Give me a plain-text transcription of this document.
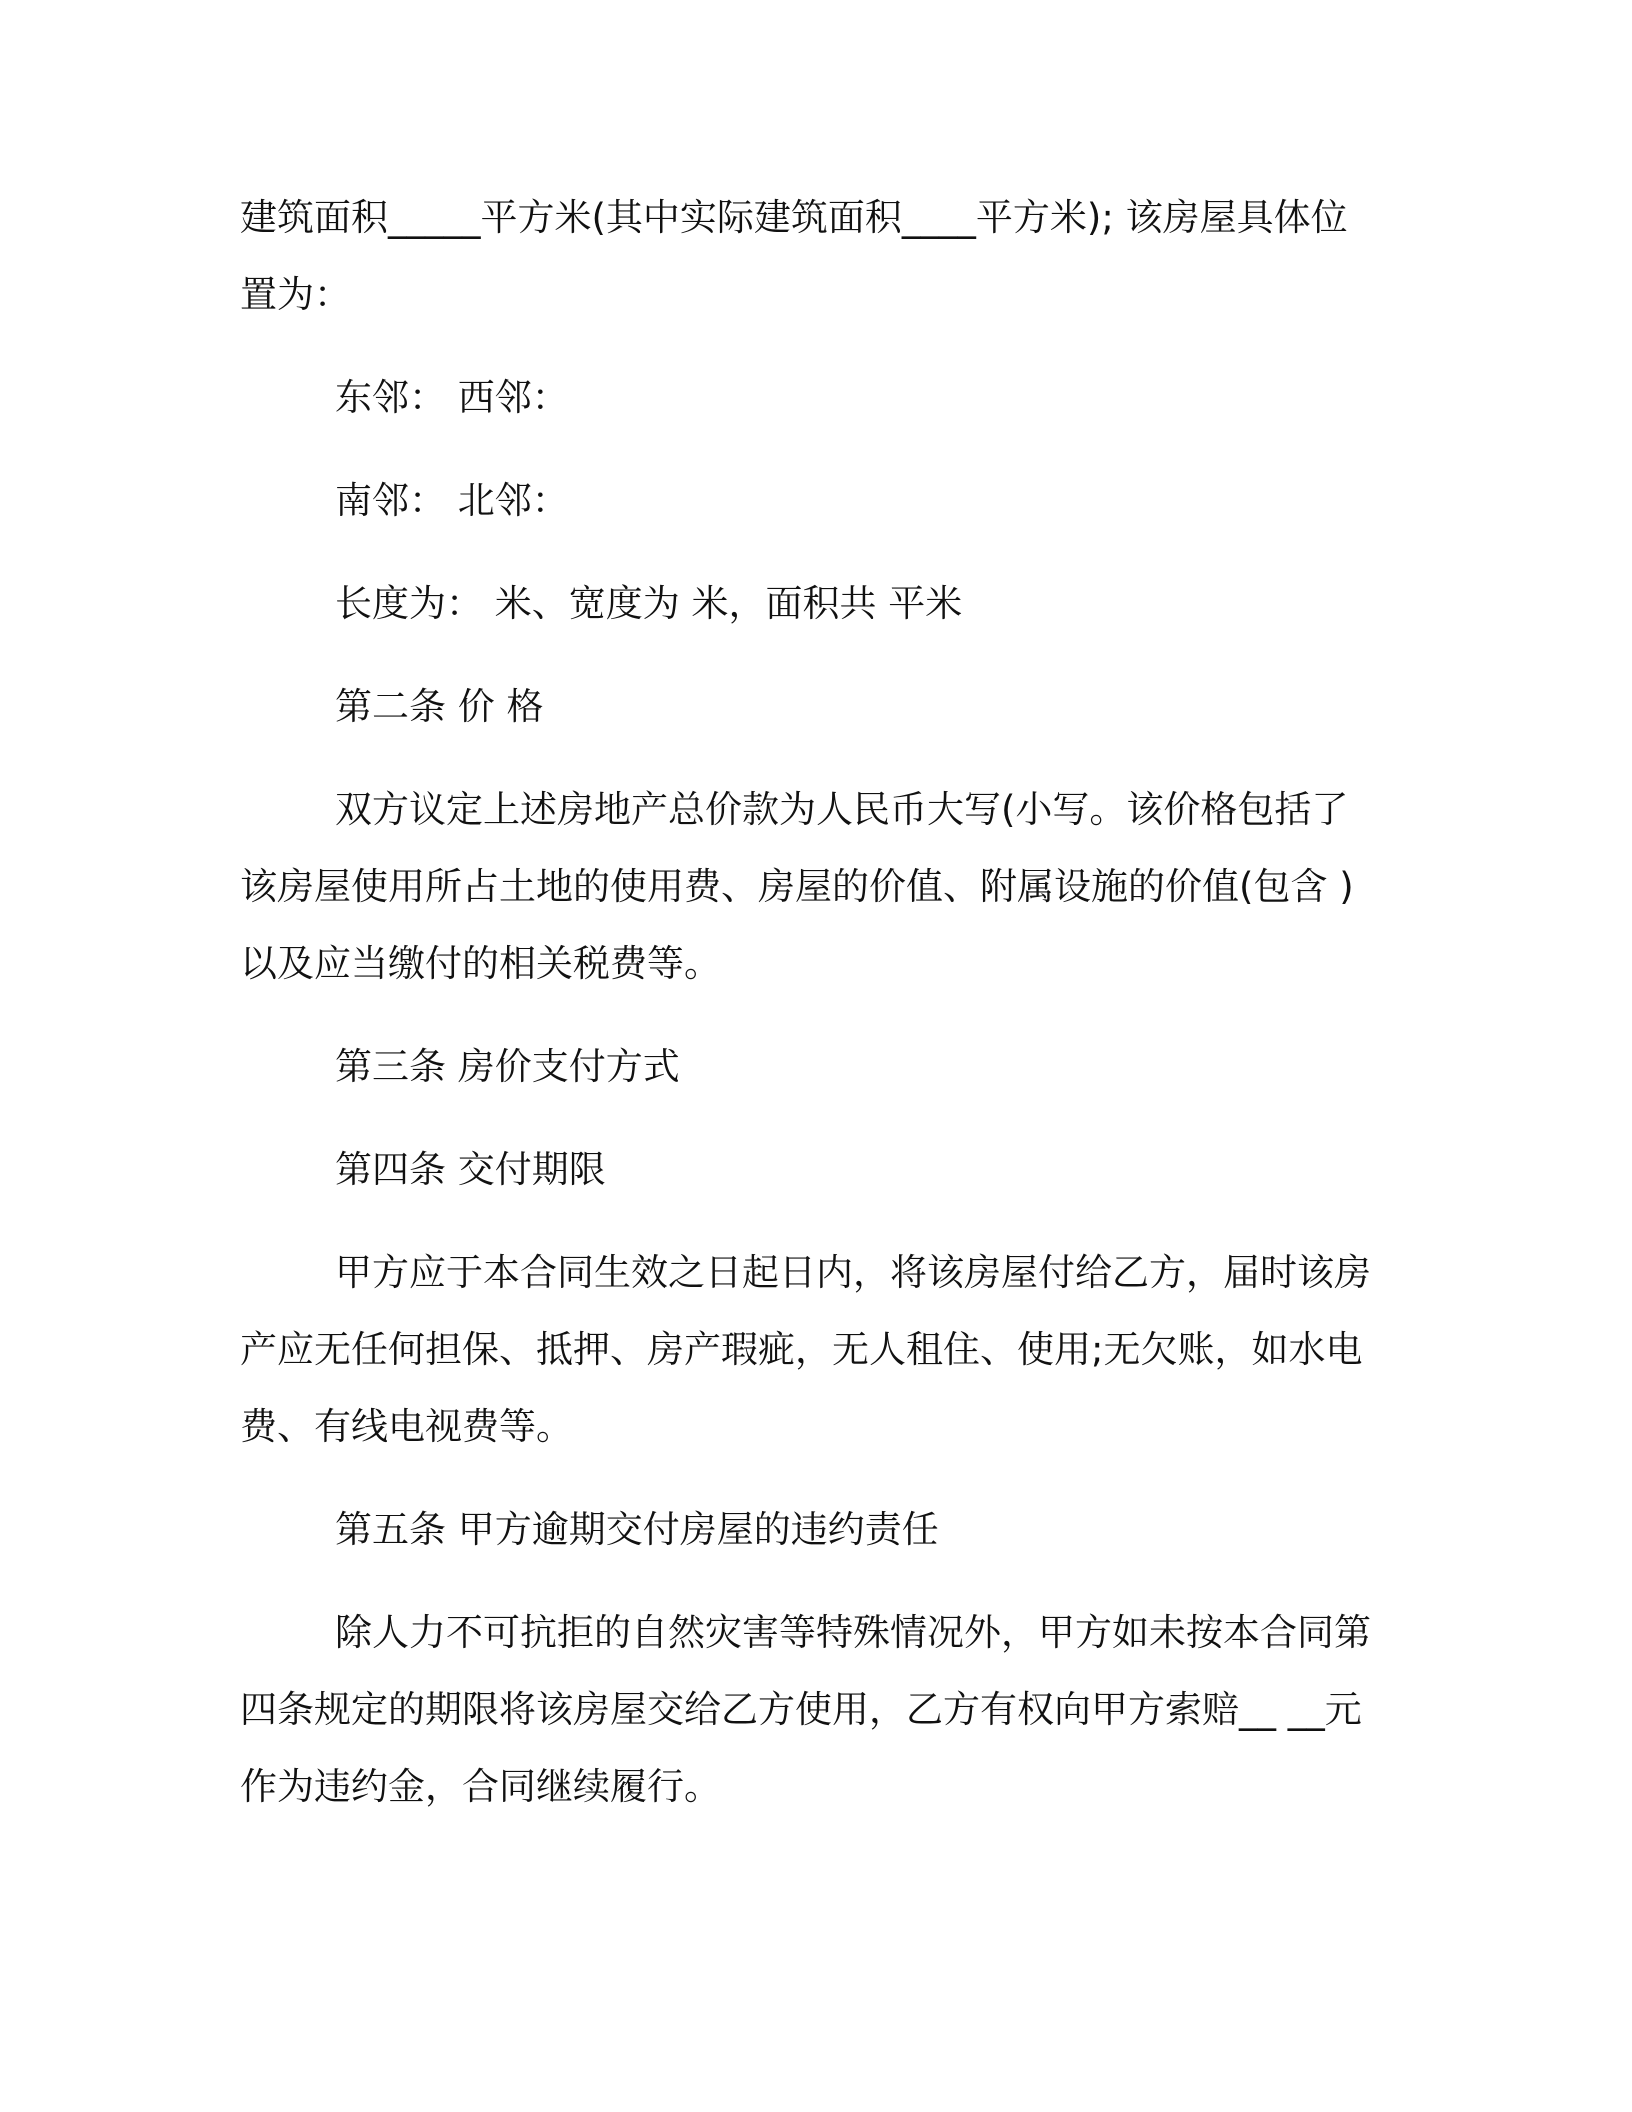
建筑面积_____平方米(其中实际建筑面积____平方米); 该房屋具体位
置为：
东邻： 西邻：
南邻： 北邻：
长度为： 米、宽度为 米，面积共 平米
第二条 价 格
双方议定上述房地产总价款为人民币大写(小写。该价格包括了
该房屋使用所占土地的使用费、房屋的价值、附属设施的价值(包含 )
以及应当缴付的相关税费等。
第三条 房价支付方式
第四条 交付期限
甲方应于本合同生效之日起日内，将该房屋付给乙方，届时该房
产应无任何担保、抵押、房产瑕疵，无人租住、使用;无欠账，如水电
费、有线电视费等。
第五条 甲方逾期交付房屋的违约责任
除人力不可抗拒的自然灾害等特殊情况外，甲方如未按本合同第
四条规定的期限将该房屋交给乙方使用，乙方有权向甲方索赔__ __元
作为违约金，合同继续履行。
